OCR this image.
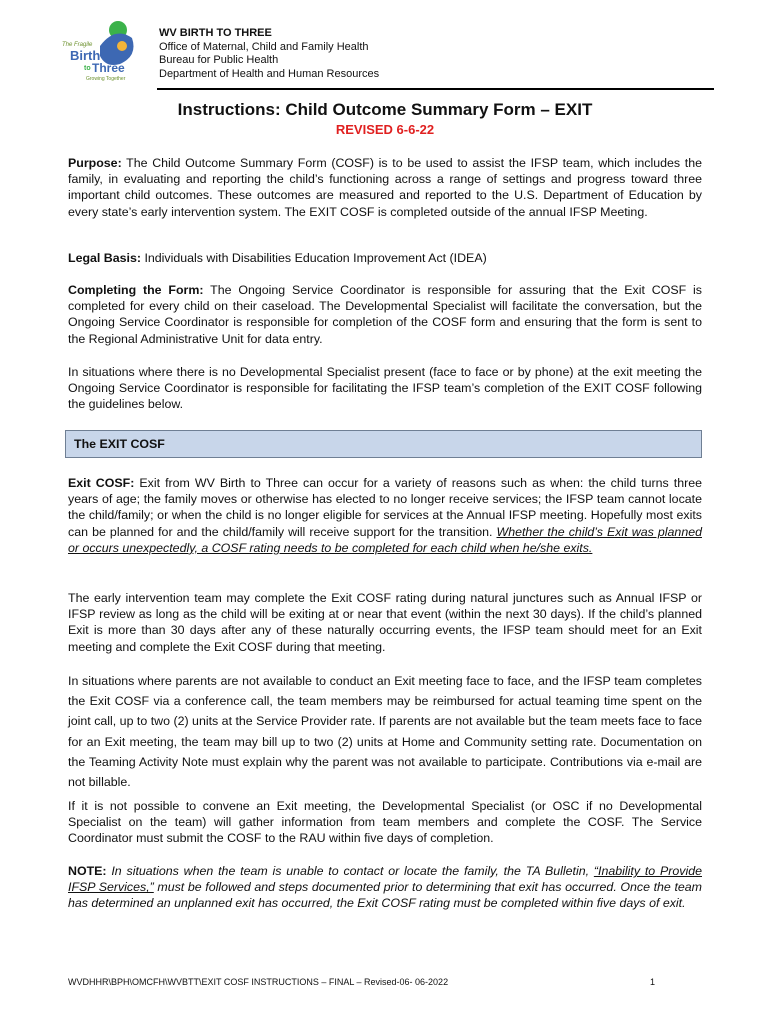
The Fragile
Birth
to Three
Growing Together
WV BIRTH TO THREE
Office of Maternal, Child and Family Health
Bureau for Public Health
Department of Health and Human Resources
Instructions: Child Outcome Summary Form – EXIT
REVISED 6-6-22

Purpose: The Child Outcome Summary Form (COSF) is to be used to assist the IFSP team, which includes the family, in evaluating and reporting the child’s functioning across a range of settings and progress toward three important child outcomes. These outcomes are measured and reported to the U.S. Department of Education by every state’s early intervention system. The EXIT COSF is completed outside of the annual IFSP Meeting.

Legal Basis: Individuals with Disabilities Education Improvement Act (IDEA)

Completing the Form: The Ongoing Service Coordinator is responsible for assuring that the Exit COSF is completed for every child on their caseload. The Developmental Specialist will facilitate the conversation, but the Ongoing Service Coordinator is responsible for completion of the COSF form and ensuring that the form is sent to the Regional Administrative Unit for data entry.

In situations where there is no Developmental Specialist present (face to face or by phone) at the exit meeting the Ongoing Service Coordinator is responsible for facilitating the IFSP team’s completion of the EXIT COSF following the guidelines below.

The EXIT COSF

Exit COSF: Exit from WV Birth to Three can occur for a variety of reasons such as when: the child turns three years of age; the family moves or otherwise has elected to no longer receive services; the IFSP team cannot locate the child/family; or when the child is no longer eligible for services at the Annual IFSP meeting. Hopefully most exits can be planned for and the child/family will receive support for the transition. Whether the child’s Exit was planned or occurs unexpectedly, a COSF rating needs to be completed for each child when he/she exits.

The early intervention team may complete the Exit COSF rating during natural junctures such as Annual IFSP or IFSP review as long as the child will be exiting at or near that event (within the next 30 days). If the child’s planned Exit is more than 30 days after any of these naturally occurring events, the IFSP team should meet for an Exit meeting and complete the Exit COSF during that meeting.

In situations where parents are not available to conduct an Exit meeting face to face, and the IFSP team completes the Exit COSF via a conference call, the team members may be reimbursed for actual teaming time spent on the joint call, up to two (2) units at the Service Provider rate. If parents are not available but the team meets face to face for an Exit meeting, the team may bill up to two (2) units at Home and Community setting rate. Documentation on the Teaming Activity Note must explain why the parent was not available to participate. Contributions via e-mail are not billable.

If it is not possible to convene an Exit meeting, the Developmental Specialist (or OSC if no Developmental Specialist on the team) will gather information from team members and complete the COSF. The Service Coordinator must submit the COSF to the RAU within five days of completion.

NOTE: In situations when the team is unable to contact or locate the family, the TA Bulletin, “Inability to Provide IFSP Services,” must be followed and steps documented prior to determining that exit has occurred. Once the team has determined an unplanned exit has occurred, the Exit COSF rating must be completed within five days of exit.

WVDHHR\BPH\OMCFH\WVBTT\EXIT COSF INSTRUCTIONS – FINAL – Revised-06- 06-2022	1
